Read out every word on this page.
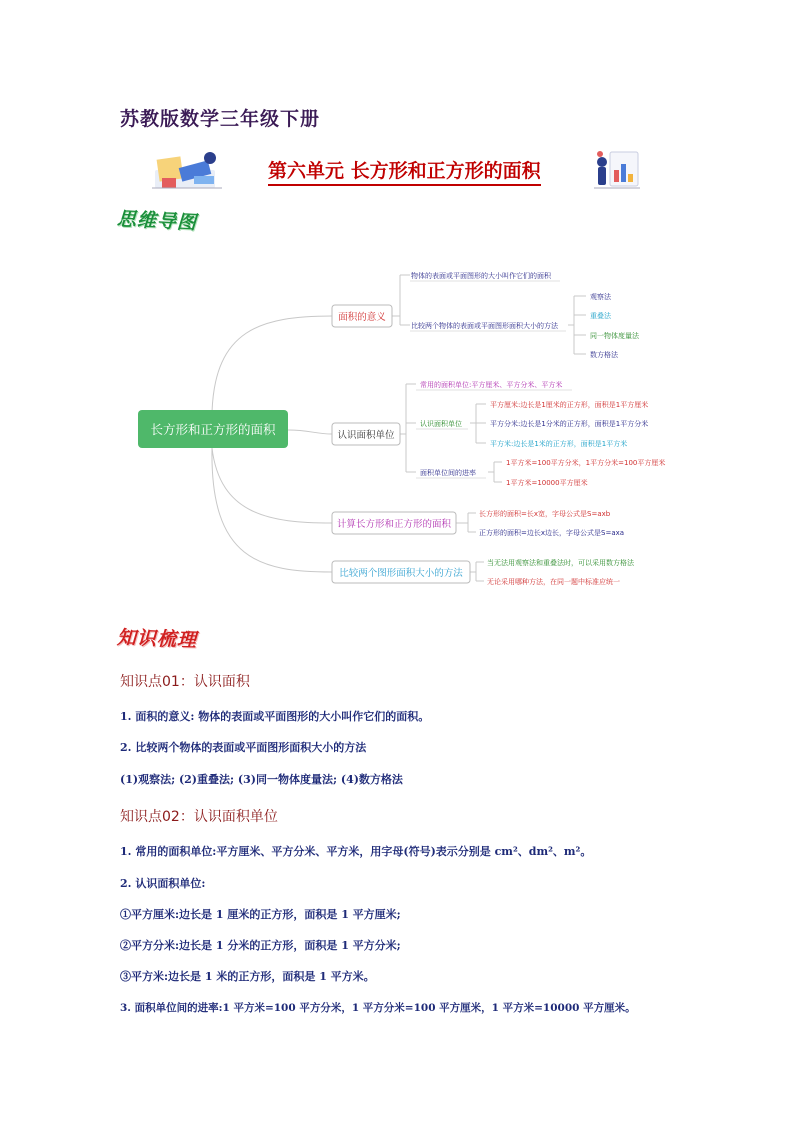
苏教版数学三年级下册
第六单元 长方形和正方形的面积
思维导图
长方形和正方形的面积
面积的意义
认识面积单位
计算长方形和正方形的面积
比较两个图形面积大小的方法
物体的表面或平面图形的大小叫作它们的面积
比较两个物体的表面或平面图形面积大小的方法
观察法
重叠法
同一物体度量法
数方格法
常用的面积单位:平方厘米、平方分米、平方米
认识面积单位
平方厘米:边长是1厘米的正方形，面积是1平方厘米
平方分米:边长是1分米的正方形，面积是1平方分米
平方米:边长是1米的正方形，面积是1平方米
面积单位间的进率
1平方米=100平方分米，1平方分米=100平方厘米
1平方米=10000平方厘米
长方形的面积=长x宽，字母公式是S=axb
正方形的面积=边长x边长，字母公式是S=axa
当无法用观察法和重叠法时，可以采用数方格法
无论采用哪种方法，在同一题中标准应统一
知识梳理
知识点01：认识面积
1. 面积的意义: 物体的表面或平面图形的大小叫作它们的面积。
2. 比较两个物体的表面或平面图形面积大小的方法
(1)观察法; (2)重叠法; (3)同一物体度量法; (4)数方格法
知识点02：认识面积单位
1. 常用的面积单位:平方厘米、平方分米、平方米，用字母(符号)表示分别是 cm²、dm²、m²。
2. 认识面积单位:
①平方厘米:边长是 1 厘米的正方形，面积是 1 平方厘米;
②平方分米:边长是 1 分米的正方形，面积是 1 平方分米;
③平方米:边长是 1 米的正方形，面积是 1 平方米。
3. 面积单位间的进率:1 平方米=100 平方分米，1 平方分米=100 平方厘米，1 平方米=10000 平方厘米。
